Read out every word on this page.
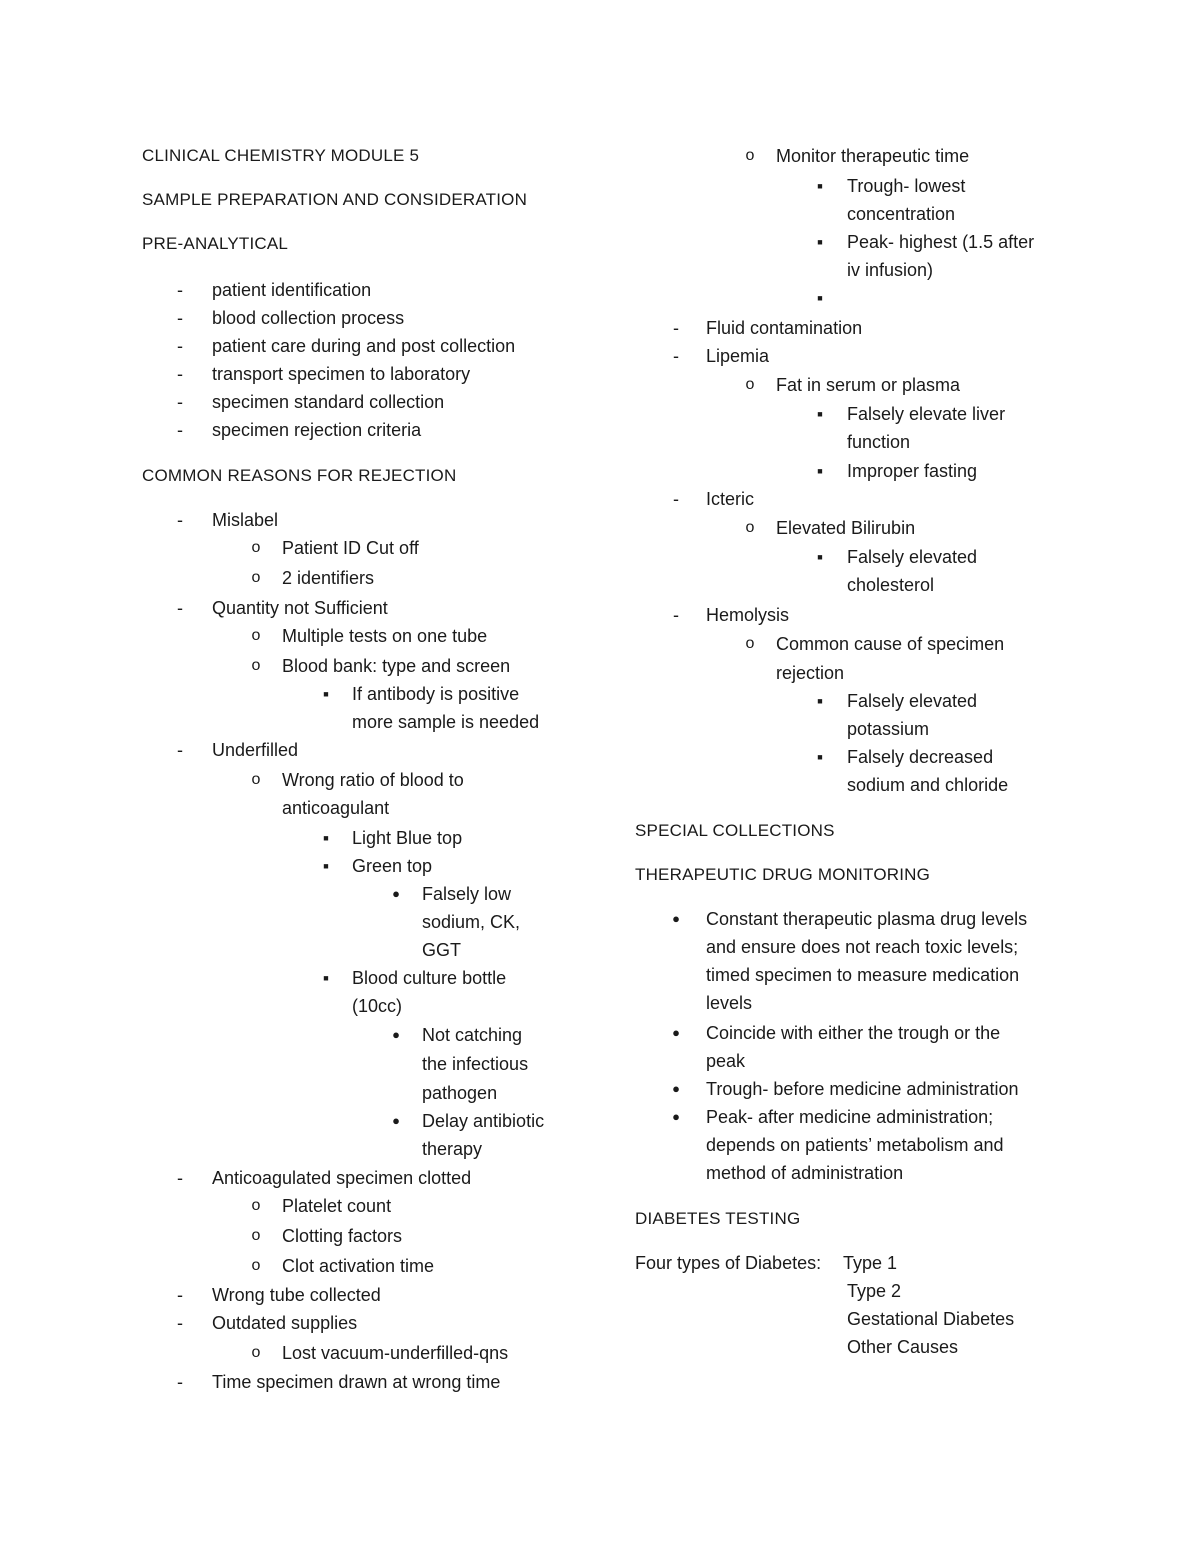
CLINICAL CHEMISTRY MODULE 5
SAMPLE PREPARATION AND CONSIDERATION
PRE-ANALYTICAL
-	patient identification
-	blood collection process
-	patient care during and post collection
-	transport specimen to laboratory
-	specimen standard collection
-	specimen rejection criteria
COMMON REASONS FOR REJECTION
-	Mislabel
o	Patient ID Cut off
o	2 identifiers
-	Quantity not Sufficient
o	Multiple tests on one tube
o	Blood bank: type and screen
■	If antibody is positive
more sample is needed
-	Underfilled
o	Wrong ratio of blood to
anticoagulant
■	Light Blue top
■	Green top
●	Falsely low
sodium, CK,
GGT
■	Blood culture bottle
(10cc)
●	Not catching
the infectious
pathogen
●	Delay antibiotic
therapy
-	Anticoagulated specimen clotted
o	Platelet count
o	Clotting factors
o	Clot activation time
-	Wrong tube collected
-	Outdated supplies
o	Lost vacuum-underfilled-qns
-	Time specimen drawn at wrong time
o	Monitor therapeutic time
■	Trough- lowest
concentration
■	Peak- highest (1.5 after
iv infusion)
■
-	Fluid contamination
-	Lipemia
o	Fat in serum or plasma
■	Falsely elevate liver
function
■	Improper fasting
-	Icteric
o	Elevated Bilirubin
■	Falsely elevated
cholesterol
-	Hemolysis
o	Common cause of specimen
rejection
■	Falsely elevated
potassium
■	Falsely decreased
sodium and chloride
SPECIAL COLLECTIONS
THERAPEUTIC DRUG MONITORING
●	Constant therapeutic plasma drug levels
and ensure does not reach toxic levels;
timed specimen to measure medication
levels
●	Coincide with either the trough or the
peak
●	Trough- before medicine administration
●	Peak- after medicine administration;
depends on patients’ metabolism and
method of administration
DIABETES TESTING
Four types of Diabetes: Type 1
Type 2
Gestational Diabetes
Other Causes
